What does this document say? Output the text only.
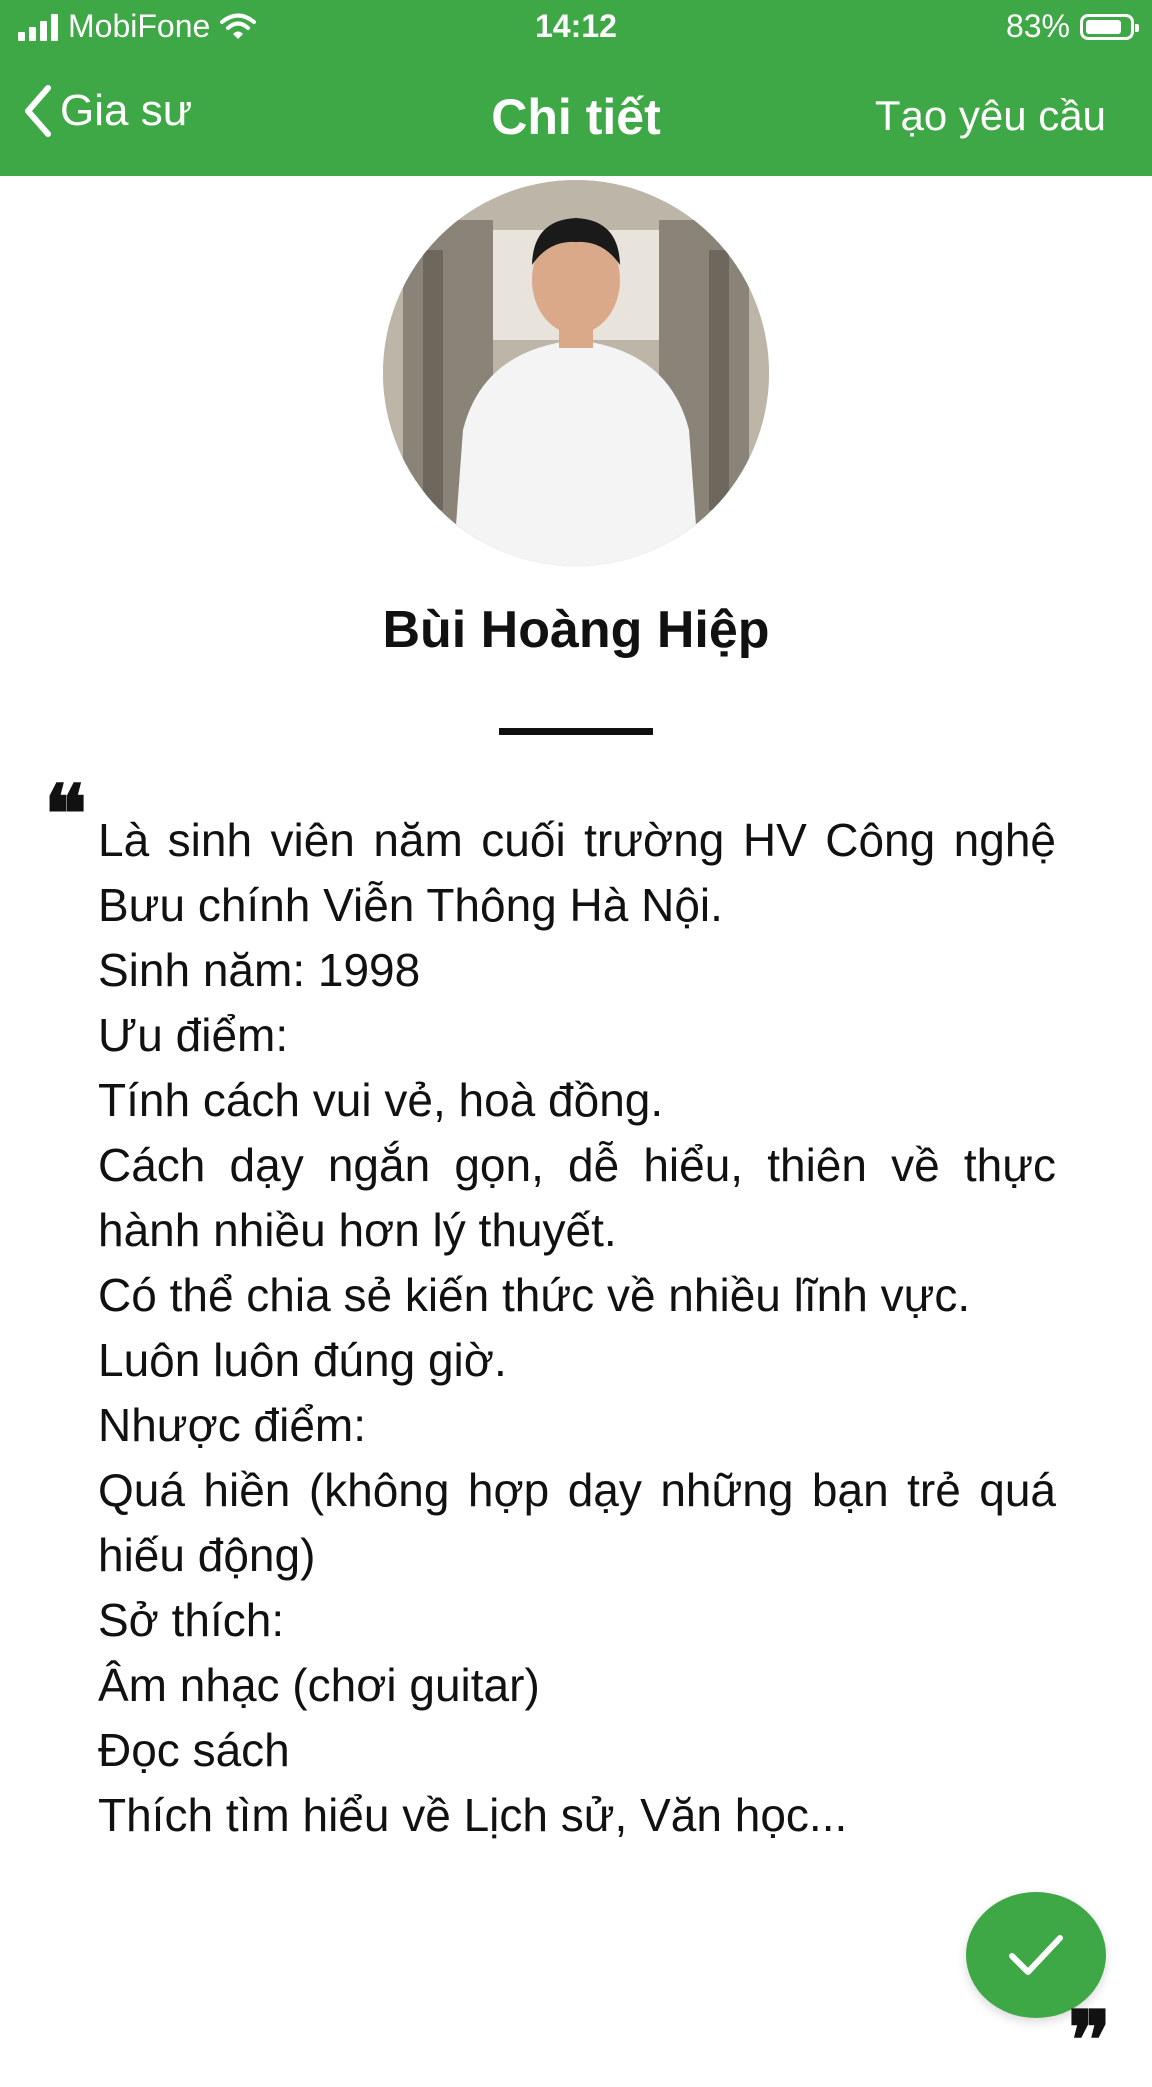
MobiFone	14:12	83%
Gia sư	Chi tiết	Tạo yêu cầu
Bùi Hoàng Hiệp
❝ Là sinh viên năm cuối trường HV Công nghệ Bưu chính Viễn Thông Hà Nội.

Sinh năm: 1998

Ưu điểm:

Tính cách vui vẻ, hoà đồng.

Cách dạy ngắn gọn, dễ hiểu, thiên về thực hành nhiều hơn lý thuyết.

Có thể chia sẻ kiến thức về nhiều lĩnh vực.

Luôn luôn đúng giờ.

Nhược điểm:

Quá hiền (không hợp dạy những bạn trẻ quá hiếu động)

Sở thích:

Âm nhạc (chơi guitar)

Đọc sách

Thích tìm hiểu về Lịch sử, Văn học...

❞
